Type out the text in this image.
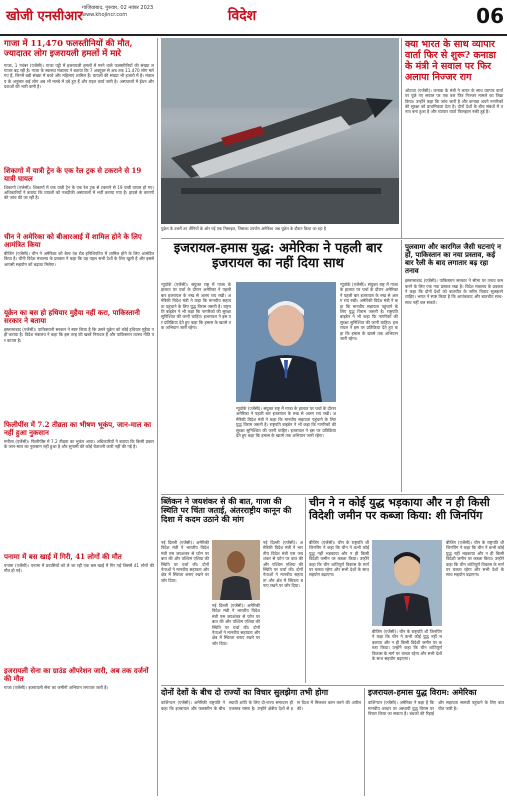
खोजी एनसीआर
गाजियाबाद, गुरुवार, 02 नवंबर 2023
www.khojincr.com	विदेश	06
गाजा में 11,470 फलस्तीनियों की मौत, ज्यादातर लोग इजरायली हमलों में मारे
गाजा, 1 नवंबर (एजेंसी)। गाजा पट्टी में इजरायली हमलों में मरने वाले फलस्तीनियों की संख्या लगातार बढ़ रही है। गाजा के स्वास्थ्य मंत्रालय ने बताया कि 7 अक्टूबर से अब तक 11,470 लोग मारे गए हैं, जिनमें बड़ी संख्या में बच्चे और महिलाएं शामिल हैं। घायलों की संख्या भी हजारों में है। मंत्रालय के अनुसार कई लोग अब भी मलबे में दबे हुए हैं और राहत कार्य जारी है। अस्पतालों में ईंधन और दवाओं की भारी कमी है।
शिकागो में यात्री ट्रेन के एक रेल ट्रक से टकराने से 19 यात्री घायल
शिकागो (एजेंसी)। शिकागो में एक यात्री ट्रेन के एक रेल ट्रक से टकराने से 19 यात्री घायल हो गए। अधिकारियों ने बताया कि घायलों को नजदीकी अस्पतालों में भर्ती कराया गया है। हादसे के कारणों की जांच की जा रही है।
चीन ने अमेरिका को बीआरआई में शामिल होने के लिए आमंत्रित किया
बीजिंग (एजेंसी)। चीन ने अमेरिका को बेल्ट एंड रोड इनिशिएटिव में शामिल होने के लिए आमंत्रित किया है। चीनी विदेश मंत्रालय के प्रवक्ता ने कहा कि यह पहल सभी देशों के लिए खुली है और इससे आपसी सहयोग को बढ़ावा मिलेगा।
यूक्रेन का बस हो हथियार मुहैया नहीं करा, पाकिस्तानी सरकार ने बताया
इस्लामाबाद (एजेंसी)। पाकिस्तानी सरकार ने स्पष्ट किया है कि उसने यूक्रेन को कोई हथियार मुहैया नहीं कराया है। विदेश मंत्रालय ने कहा कि इस तरह की खबरें निराधार हैं और पाकिस्तान तटस्थ नीति पर कायम है।
फिलीपींस में 7.2 तीव्रता का भीषण भूकंप, जान-माल का नहीं हुआ नुकसान
मनीला (एजेंसी)। फिलीपींस में 7.2 तीव्रता का भूकंप आया। अधिकारियों ने बताया कि किसी प्रकार के जान-माल का नुकसान नहीं हुआ है और सुनामी की कोई चेतावनी जारी नहीं की गई है।
पनामा में बस खाई में गिरी, 41 लोगों की मौत
पनामा (एजेंसी)। पनामा में प्रवासियों को ले जा रही एक बस खाई में गिर गई जिसमें 41 लोगों की मौत हो गई।
इजरायली सेना का ग्राउंड ऑपरेशन जारी, अब तक दर्जनों की मौत
गाजा (एजेंसी)। इजरायली सेना का जमीनी अभियान लगातार जारी है।
युक्रेन के उत्तरी तट तीनियों के ओर गई एक मिसाइल, जिसका उपयोग अमेरिका अब यूक्रेन के दौरान किया जा रहा है
क्या भारत के साथ व्यापार वार्ता फिर से शुरू? कनाडा के मंत्री ने सवाल पर फिर अलापा निज्जर राग
ओटावा (एजेंसी)। कनाडा के मंत्री ने भारत के साथ व्यापार वार्ता पर पूछे गए सवाल पर एक बार फिर निज्जर मामले का जिक्र किया। उन्होंने कहा कि जांच जारी है और कनाडा अपने नागरिकों की सुरक्षा को प्राथमिकता देता है। दोनों देशों के बीच संबंधों में तनाव बना हुआ है और व्यापार वार्ता फिलहाल रुकी हुई है।
इजरायल-हमास युद्ध: अमेरिका ने पहली बार इजरायल का नहीं दिया साथ
न्यूयॉर्क (एजेंसी)। संयुक्त राष्ट्र में गाजा के हालात पर चर्चा के दौरान अमेरिका ने पहली बार इजरायल के रुख से अलग राय रखी। अमेरिकी विदेश मंत्री ने कहा कि मानवीय सहायता पहुंचाने के लिए युद्ध विराम जरूरी है। राष्ट्रपति बाइडेन ने भी कहा कि नागरिकों की सुरक्षा सुनिश्चित की जानी चाहिए। इजरायल ने इस पर प्रतिक्रिया देते हुए कहा कि हमास के खात्मे तक अभियान जारी रहेगा।
न्यूयॉर्क (एजेंसी)। संयुक्त राष्ट्र में गाजा के हालात पर चर्चा के दौरान अमेरिका ने पहली बार इजरायल के रुख से अलग राय रखी। अमेरिकी विदेश मंत्री ने कहा कि मानवीय सहायता पहुंचाने के लिए युद्ध विराम जरूरी है। राष्ट्रपति बाइडेन ने भी कहा कि नागरिकों की सुरक्षा सुनिश्चित की जानी चाहिए। इजरायल ने इस पर प्रतिक्रिया देते हुए कहा कि हमास के खात्मे तक अभियान जारी रहेगा।
न्यूयॉर्क (एजेंसी)। संयुक्त राष्ट्र में गाजा के हालात पर चर्चा के दौरान अमेरिका ने पहली बार इजरायल के रुख से अलग राय रखी। अमेरिकी विदेश मंत्री ने कहा कि मानवीय सहायता पहुंचाने के लिए युद्ध विराम जरूरी है। राष्ट्रपति बाइडेन ने भी कहा कि नागरिकों की सुरक्षा सुनिश्चित की जानी चाहिए। इजरायल ने इस पर प्रतिक्रिया देते हुए कहा कि हमास के खात्मे तक अभियान जारी रहेगा।
पुलवामा और कारगिल जैसी घटनाएं न हों, पाकिस्तान का नया प्रस्ताव, कई बार रैली के बाद लगातार बढ़ रहा तनाव
इस्लामाबाद (एजेंसी)। पाकिस्तान सरकार ने सीमा पर तनाव कम करने के लिए एक नया प्रस्ताव रखा है। विदेश मंत्रालय के प्रवक्ता ने कहा कि दोनों देशों को बातचीत के जरिए विवाद सुलझाने चाहिए। भारत ने स्पष्ट किया है कि आतंकवाद और बातचीत साथ-साथ नहीं चल सकते।
ब्लिंकन ने जयशंकर से की बात, गाजा की स्थिति पर चिंता जताई, अंतरराष्ट्रीय कानून की दिशा में कदम उठाने की मांग
नई दिल्ली (एजेंसी)। अमेरिकी विदेश मंत्री ने भारतीय विदेश मंत्री एस जयशंकर से फोन पर बात की और पश्चिम एशिया की स्थिति पर चर्चा की। दोनों नेताओं ने मानवीय सहायता और क्षेत्र में स्थिरता बनाए रखने पर जोर दिया।
नई दिल्ली (एजेंसी)। अमेरिकी विदेश मंत्री ने भारतीय विदेश मंत्री एस जयशंकर से फोन पर बात की और पश्चिम एशिया की स्थिति पर चर्चा की। दोनों नेताओं ने मानवीय सहायता और क्षेत्र में स्थिरता बनाए रखने पर जोर दिया।
नई दिल्ली (एजेंसी)। अमेरिकी विदेश मंत्री ने भारतीय विदेश मंत्री एस जयशंकर से फोन पर बात की और पश्चिम एशिया की स्थिति पर चर्चा की। दोनों नेताओं ने मानवीय सहायता और क्षेत्र में स्थिरता बनाए रखने पर जोर दिया।
चीन ने न कोई युद्ध भड़काया और न ही किसी विदेशी जमीन पर कब्जा किया: शी जिनपिंग
बीजिंग (एजेंसी)। चीन के राष्ट्रपति शी जिनपिंग ने कहा कि चीन ने कभी कोई युद्ध नहीं भड़काया और न ही किसी विदेशी जमीन पर कब्जा किया। उन्होंने कहा कि चीन शांतिपूर्ण विकास के मार्ग पर चलता रहेगा और सभी देशों के साथ सहयोग बढ़ाएगा।
बीजिंग (एजेंसी)। चीन के राष्ट्रपति शी जिनपिंग ने कहा कि चीन ने कभी कोई युद्ध नहीं भड़काया और न ही किसी विदेशी जमीन पर कब्जा किया। उन्होंने कहा कि चीन शांतिपूर्ण विकास के मार्ग पर चलता रहेगा और सभी देशों के साथ सहयोग बढ़ाएगा।
बीजिंग (एजेंसी)। चीन के राष्ट्रपति शी जिनपिंग ने कहा कि चीन ने कभी कोई युद्ध नहीं भड़काया और न ही किसी विदेशी जमीन पर कब्जा किया। उन्होंने कहा कि चीन शांतिपूर्ण विकास के मार्ग पर चलता रहेगा और सभी देशों के साथ सहयोग बढ़ाएगा।
दोनों देशों के बीच दो राज्यों का विचार सुलझेगा तभी होगा
वाशिंगटन (एजेंसी)। अमेरिकी राष्ट्रपति ने कहा कि इजरायल और फलस्तीन के बीच स्थायी शांति के लिए दो-राज्य समाधान ही एकमात्र रास्ता है। उन्होंने क्षेत्रीय देशों से इस दिशा में मिलकर काम करने की अपील की।
इजरायल-हमास युद्ध विराम: अमेरिका
वाशिंगटन (एजेंसी)। अमेरिका ने कहा है कि मानवीय आधार पर अस्थायी युद्ध विराम पर विचार किया जा सकता है। बंधकों की रिहाई और सहायता सामग्री पहुंचाने के लिए बातचीत जारी है।
